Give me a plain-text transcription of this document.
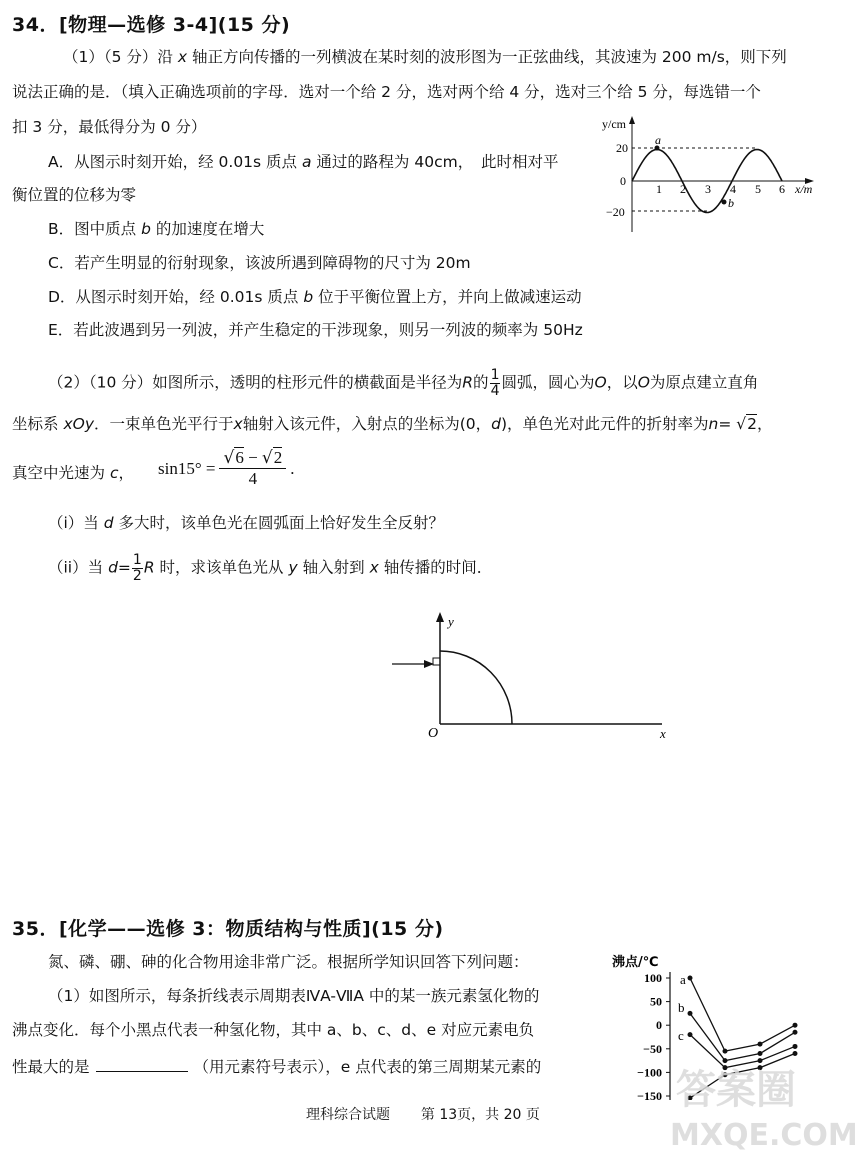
34．[物理—选修 3-4](15 分)
（1）（5 分）沿 x 轴正方向传播的一列横波在某时刻的波形图为一正弦曲线，其波速为 200 m/s，则下列
说法正确的是．（填入正确选项前的字母．选对一个给 2 分，选对两个给 4 分，选对三个给 5 分，每选错一个
扣 3 分，最低得分为 0 分）
A．从图示时刻开始，经 0.01s 质点 a 通过的路程为 40cm，　此时相对平
衡位置的位移为零
B．图中质点 b 的加速度在增大
C．若产生明显的衍射现象，该波所遇到障碍物的尺寸为 20m
D．从图示时刻开始，经 0.01s 质点 b 位于平衡位置上方，并向上做减速运动
E．若此波遇到另一列波，并产生稳定的干涉现象，则另一列波的频率为 50Hz
y/cm
x/m
20
0
−20
1 2 3 4 5 6
a
b
（2）（10 分）如图所示，透明的柱形元件的横截面是半径为R的 $\frac{1}{4}$ 圆弧，圆心为O，以O为原点建立直角
坐标系 xOy．一束单色光平行于x轴射入该元件，入射点的坐标为(0，d)，单色光对此元件的折射率为n= √2，
真空中光速为 c， $\sin 15^\circ = \frac{√6 - √2}{4}$ .
（i）当 d 多大时，该单色光在圆弧面上恰好发生全反射？
（ii）当 $d= \frac{1}{2}$ R 时，求该单色光从 y 轴入射到 x 轴传播的时间．
y
x
O
35．[化学——选修 3：物质结构与性质](15 分)
氮、磷、硼、砷的化合物用途非常广泛。根据所学知识回答下列问题：
（1）如图所示，每条折线表示周期表ⅣA-ⅦA 中的某一族元素氢化物的
沸点变化．每个小黑点代表一种氢化物，其中 a、b、c、d、e 对应元素电负
性最大的是	（用元素符号表示），e 点代表的第三周期某元素的
沸点/℃
100
50
0
−50
−100
−150
a
b
c
理科综合试题 第 13页，共 20 页
答案圈
MXQE.COM
